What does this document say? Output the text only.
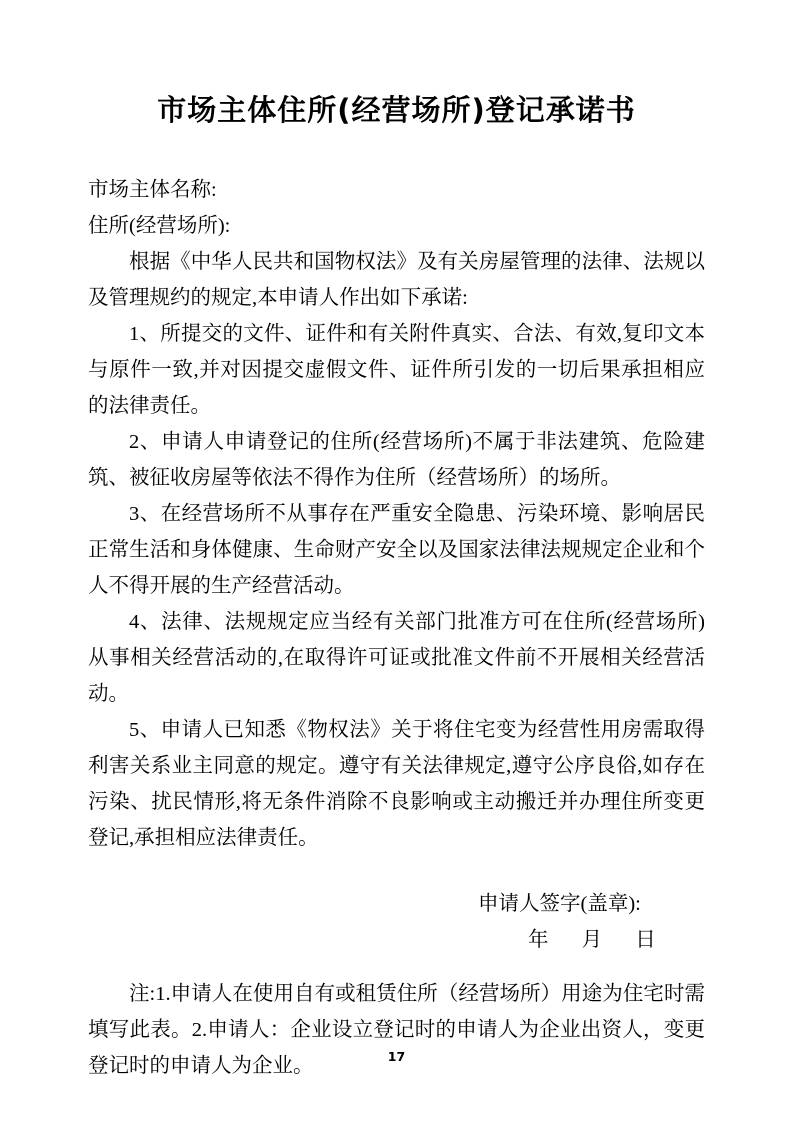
市场主体住所(经营场所)登记承诺书

市场主体名称:

住所(经营场所):

根据《中华人民共和国物权法》及有关房屋管理的法律、法规以及管理规约的规定,本申请人作出如下承诺:

1、所提交的文件、证件和有关附件真实、合法、有效,复印文本与原件一致,并对因提交虚假文件、证件所引发的一切后果承担相应的法律责任。

2、申请人申请登记的住所(经营场所)不属于非法建筑、危险建筑、被征收房屋等依法不得作为住所（经营场所）的场所。

3、在经营场所不从事存在严重安全隐患、污染环境、影响居民正常生活和身体健康、生命财产安全以及国家法律法规规定企业和个人不得开展的生产经营活动。

4、法律、法规规定应当经有关部门批准方可在住所(经营场所)从事相关经营活动的,在取得许可证或批准文件前不开展相关经营活动。

5、申请人已知悉《物权法》关于将住宅变为经营性用房需取得利害关系业主同意的规定。遵守有关法律规定,遵守公序良俗,如存在污染、扰民情形,将无条件消除不良影响或主动搬迁并办理住所变更登记,承担相应法律责任。

申请人签字(盖章):

年 月 日

注:1.申请人在使用自有或租赁住所（经营场所）用途为住宅时需填写此表。2.申请人：企业设立登记时的申请人为企业出资人，变更登记时的申请人为企业。	17
